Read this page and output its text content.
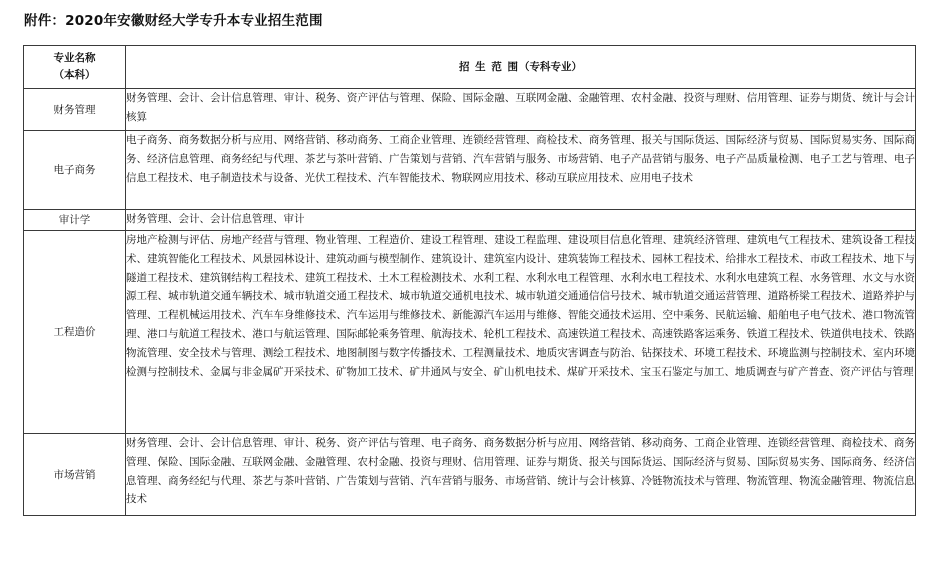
附件：2020年安徽财经大学专升本专业招生范围
专业名称
（本科）	招 生 范 围（专科专业）
财务管理	财务管理、会计、会计信息管理、审计、税务、资产评估与管理、保险、国际金融、互联网金融、金融管理、农村金融、投资与理财、信用管理、证券与期货、统计与会计核算
电子商务	电子商务、商务数据分析与应用、网络营销、移动商务、工商企业管理、连锁经营管理、商检技术、商务管理、报关与国际货运、国际经济与贸易、国际贸易实务、国际商务、经济信息管理、商务经纪与代理、茶艺与茶叶营销、广告策划与营销、汽车营销与服务、市场营销、电子产品营销与服务、电子产品质量检测、电子工艺与管理、电子信息工程技术、电子制造技术与设备、光伏工程技术、汽车智能技术、物联网应用技术、移动互联应用技术、应用电子技术
审计学	财务管理、会计、会计信息管理、审计
工程造价	房地产检测与评估、房地产经营与管理、物业管理、工程造价、建设工程管理、建设工程监理、建设项目信息化管理、建筑经济管理、建筑电气工程技术、建筑设备工程技术、建筑智能化工程技术、风景园林设计、建筑动画与模型制作、建筑设计、建筑室内设计、建筑装饰工程技术、园林工程技术、给排水工程技术、市政工程技术、地下与隧道工程技术、建筑钢结构工程技术、建筑工程技术、土木工程检测技术、水利工程、水利水电工程管理、水利水电工程技术、水利水电建筑工程、水务管理、水文与水资源工程、城市轨道交通车辆技术、城市轨道交通工程技术、城市轨道交通机电技术、城市轨道交通通信信号技术、城市轨道交通运营管理、道路桥梁工程技术、道路养护与管理、工程机械运用技术、汽车车身维修技术、汽车运用与维修技术、新能源汽车运用与维修、智能交通技术运用、空中乘务、民航运输、船舶电子电气技术、港口物流管理、港口与航道工程技术、港口与航运管理、国际邮轮乘务管理、航海技术、轮机工程技术、高速铁道工程技术、高速铁路客运乘务、铁道工程技术、铁道供电技术、铁路物流管理、安全技术与管理、测绘工程技术、地图制图与数字传播技术、工程测量技术、地质灾害调查与防治、钻探技术、环境工程技术、环境监测与控制技术、室内环境检测与控制技术、金属与非金属矿开采技术、矿物加工技术、矿井通风与安全、矿山机电技术、煤矿开采技术、宝玉石鉴定与加工、地质调查与矿产普查、资产评估与管理
市场营销	财务管理、会计、会计信息管理、审计、税务、资产评估与管理、电子商务、商务数据分析与应用、网络营销、移动商务、工商企业管理、连锁经营管理、商检技术、商务管理、保险、国际金融、互联网金融、金融管理、农村金融、投资与理财、信用管理、证券与期货、报关与国际货运、国际经济与贸易、国际贸易实务、国际商务、经济信息管理、商务经纪与代理、茶艺与茶叶营销、广告策划与营销、汽车营销与服务、市场营销、统计与会计核算、冷链物流技术与管理、物流管理、物流金融管理、物流信息技术
